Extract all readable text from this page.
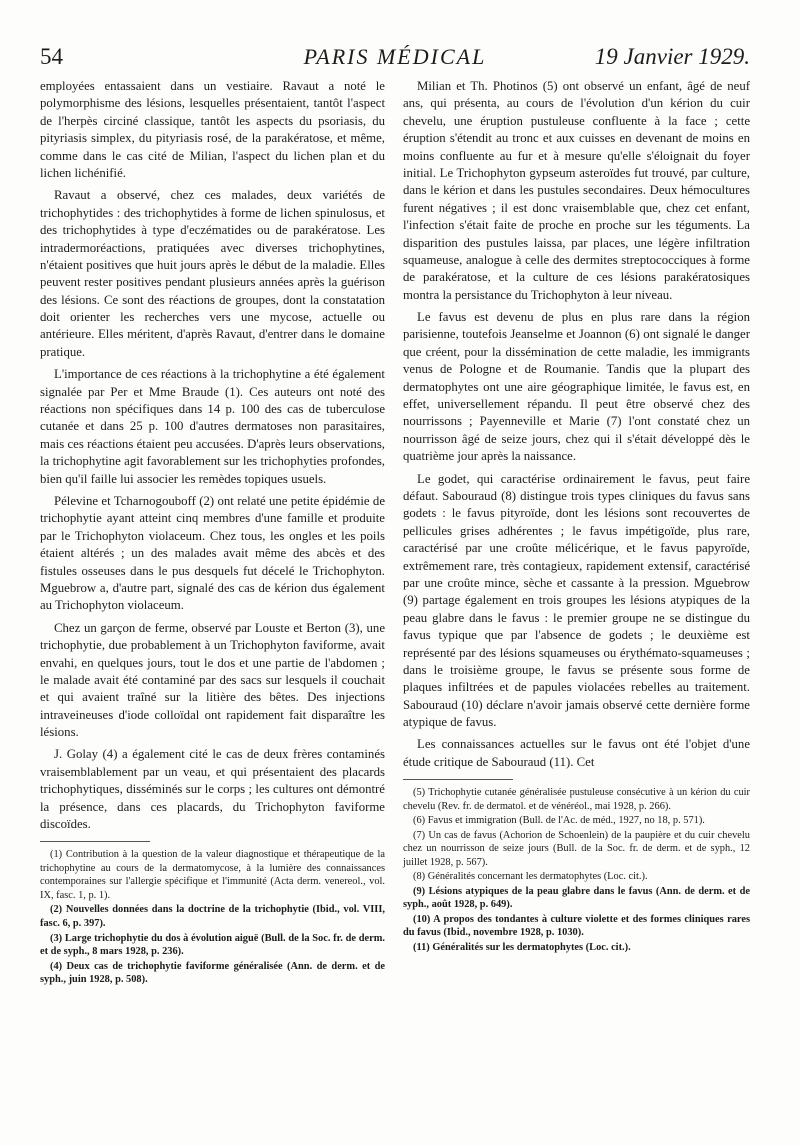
54	PARIS MÉDICAL	19 Janvier 1929.

employées entassaient dans un vestiaire. Ravaut a noté le polymorphisme des lésions, lesquelles présentaient, tantôt l'aspect de l'herpès circiné classique, tantôt les aspects du psoriasis, du pityriasis simplex, du pityriasis rosé, de la parakératose, et même, comme dans le cas cité de Milian, l'aspect du lichen plan et du lichen lichénifié.

Ravaut a observé, chez ces malades, deux variétés de trichophytides : des trichophytides à forme de lichen spinulosus, et des trichophytides à type d'eczématides ou de parakératose. Les intradermoréactions, pratiquées avec diverses trichophytines, n'étaient positives que huit jours après le début de la maladie. Elles peuvent rester positives pendant plusieurs années après la guérison des lésions. Ce sont des réactions de groupes, dont la constatation doit orienter les recherches vers une mycose, actuelle ou antérieure. Elles méritent, d'après Ravaut, d'entrer dans le domaine pratique.

L'importance de ces réactions à la trichophytine a été également signalée par Per et Mme Braude (1). Ces auteurs ont noté des réactions non spécifiques dans 14 p. 100 des cas de tuberculose cutanée et dans 25 p. 100 d'autres dermatoses non parasitaires, mais ces réactions étaient peu accusées. D'après leurs observations, la trichophytine agit favorablement sur les trichophyties profondes, bien qu'il faille lui associer les remèdes topiques usuels.

Pélevine et Tcharnogouboff (2) ont relaté une petite épidémie de trichophytie ayant atteint cinq membres d'une famille et produite par le Trichophyton violaceum. Chez tous, les ongles et les poils étaient altérés ; un des malades avait même des abcès et des fistules osseuses dans le pus desquels fut décelé le Trichophyton. Mguebrow a, d'autre part, signalé des cas de kérion dus également au Trichophyton violaceum.

Chez un garçon de ferme, observé par Louste et Berton (3), une trichophytie, due probablement à un Trichophyton faviforme, avait envahi, en quelques jours, tout le dos et une partie de l'abdomen ; le malade avait été contaminé par des sacs sur lesquels il couchait et qui avaient traîné sur la litière des bêtes. Des injections intraveineuses d'iode colloïdal ont rapidement fait disparaître les lésions.

J. Golay (4) a également cité le cas de deux frères contaminés vraisemblablement par un veau, et qui présentaient des placards trichophytiques, disséminés sur le corps ; les cultures ont démontré la présence, dans ces placards, du Trichophyton faviforme discoïdes.

(1) Contribution à la question de la valeur diagnostique et thérapeutique de la trichophytine au cours de la dermatomycose, à la lumière des connaissances contemporaines sur l'allergie spécifique et l'immunité (Acta derm. venereol., vol. IX, fasc. 1, p. 1).
(2) Nouvelles données dans la doctrine de la trichophytie (Ibid., vol. VIII, fasc. 6, p. 397).
(3) Large trichophytie du dos à évolution aiguë (Bull. de la Soc. fr. de derm. et de syph., 8 mars 1928, p. 236).
(4) Deux cas de trichophytie faviforme généralisée (Ann. de derm. et de syph., juin 1928, p. 508).

Milian et Th. Photinos (5) ont observé un enfant, âgé de neuf ans, qui présenta, au cours de l'évolution d'un kérion du cuir chevelu, une éruption pustuleuse confluente à la face ; cette éruption s'étendit au tronc et aux cuisses en devenant de moins en moins confluente au fur et à mesure qu'elle s'éloignait du foyer initial. Le Trichophyton gypseum asteroïdes fut trouvé, par culture, dans le kérion et dans les pustules secondaires. Deux hémocultures furent négatives ; il est donc vraisemblable que, chez cet enfant, l'infection s'était faite de proche en proche sur les téguments. La disparition des pustules laissa, par places, une légère infiltration squameuse, analogue à celle des dermites streptococciques à forme de parakératose, et la culture de ces lésions parakératosiques montra la persistance du Trichophyton à leur niveau.

Le favus est devenu de plus en plus rare dans la région parisienne, toutefois Jeanselme et Joannon (6) ont signalé le danger que créent, pour la dissémination de cette maladie, les immigrants venus de Pologne et de Roumanie. Tandis que la plupart des dermatophytes ont une aire géographique limitée, le favus est, en effet, universellement répandu. Il peut être observé chez des nourrissons ; Payenneville et Marie (7) l'ont constaté chez un nourrisson âgé de seize jours, chez qui il s'était développé dès le quatrième jour après la naissance.

Le godet, qui caractérise ordinairement le favus, peut faire défaut. Sabouraud (8) distingue trois types cliniques du favus sans godets : le favus pityroïde, dont les lésions sont recouvertes de pellicules grises adhérentes ; le favus impétigoïde, plus rare, caractérisé par une croûte mélicérique, et le favus papyroïde, extrêmement rare, très contagieux, rapidement extensif, caractérisé par une croûte mince, sèche et cassante à la pression. Mguebrow (9) partage également en trois groupes les lésions atypiques de la peau glabre dans le favus : le premier groupe ne se distingue du favus typique que par l'absence de godets ; le deuxième est représenté par des lésions squameuses ou érythémato-squameuses ; dans le troisième groupe, le favus se présente sous forme de plaques infiltrées et de papules violacées rebelles au traitement. Sabouraud (10) déclare n'avoir jamais observé cette dernière forme atypique de favus.

Les connaissances actuelles sur le favus ont été l'objet d'une étude critique de Sabouraud (11). Cet

(5) Trichophytie cutanée généralisée pustuleuse consécutive à un kérion du cuir chevelu (Rev. fr. de dermatol. et de vénéréol., mai 1928, p. 266).
(6) Favus et immigration (Bull. de l'Ac. de méd., 1927, no 18, p. 571).
(7) Un cas de favus (Achorion de Schoenlein) de la paupière et du cuir chevelu chez un nourrisson de seize jours (Bull. de la Soc. fr. de derm. et de syph., 12 juillet 1928, p. 567).
(8) Généralités concernant les dermatophytes (Loc. cit.).
(9) Lésions atypiques de la peau glabre dans le favus (Ann. de derm. et de syph., août 1928, p. 649).
(10) A propos des tondantes à culture violette et des formes cliniques rares du favus (Ibid., novembre 1928, p. 1030).
(11) Généralités sur les dermatophytes (Loc. cit.).
